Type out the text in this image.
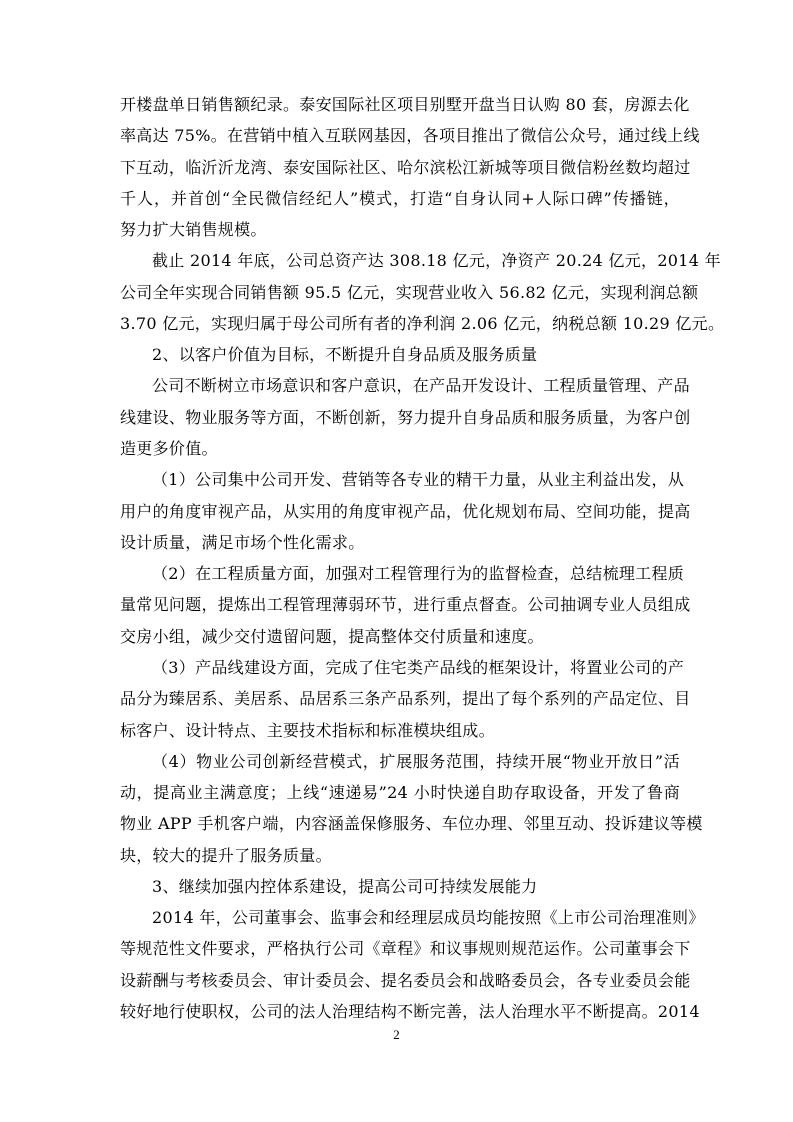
开楼盘单日销售额纪录。泰安国际社区项目别墅开盘当日认购 80 套，房源去化
率高达 75%。在营销中植入互联网基因，各项目推出了微信公众号，通过线上线
下互动，临沂沂龙湾、泰安国际社区、哈尔滨松江新城等项目微信粉丝数均超过
千人，并首创“全民微信经纪人”模式，打造“自身认同+人际口碑”传播链，
努力扩大销售规模。
截止 2014 年底，公司总资产达 308.18 亿元，净资产 20.24 亿元，2014 年
公司全年实现合同销售额 95.5 亿元，实现营业收入 56.82 亿元，实现利润总额
3.70 亿元，实现归属于母公司所有者的净利润 2.06 亿元，纳税总额 10.29 亿元。
2、以客户价值为目标，不断提升自身品质及服务质量
公司不断树立市场意识和客户意识，在产品开发设计、工程质量管理、产品
线建设、物业服务等方面，不断创新，努力提升自身品质和服务质量，为客户创
造更多价值。
（1）公司集中公司开发、营销等各专业的精干力量，从业主利益出发，从
用户的角度审视产品，从实用的角度审视产品，优化规划布局、空间功能，提高
设计质量，满足市场个性化需求。
（2）在工程质量方面，加强对工程管理行为的监督检查，总结梳理工程质
量常见问题，提炼出工程管理薄弱环节，进行重点督查。公司抽调专业人员组成
交房小组，减少交付遗留问题，提高整体交付质量和速度。
（3）产品线建设方面，完成了住宅类产品线的框架设计，将置业公司的产
品分为臻居系、美居系、品居系三条产品系列，提出了每个系列的产品定位、目
标客户、设计特点、主要技术指标和标准模块组成。
（4）物业公司创新经营模式，扩展服务范围，持续开展“物业开放日”活
动，提高业主满意度；上线“速递易”24 小时快递自助存取设备，开发了鲁商
物业 APP 手机客户端，内容涵盖保修服务、车位办理、邻里互动、投诉建议等模
块，较大的提升了服务质量。
3、继续加强内控体系建设，提高公司可持续发展能力
2014 年，公司董事会、监事会和经理层成员均能按照《上市公司治理准则》
等规范性文件要求，严格执行公司《章程》和议事规则规范运作。公司董事会下
设薪酬与考核委员会、审计委员会、提名委员会和战略委员会，各专业委员会能
较好地行使职权，公司的法人治理结构不断完善，法人治理水平不断提高。2014
2
